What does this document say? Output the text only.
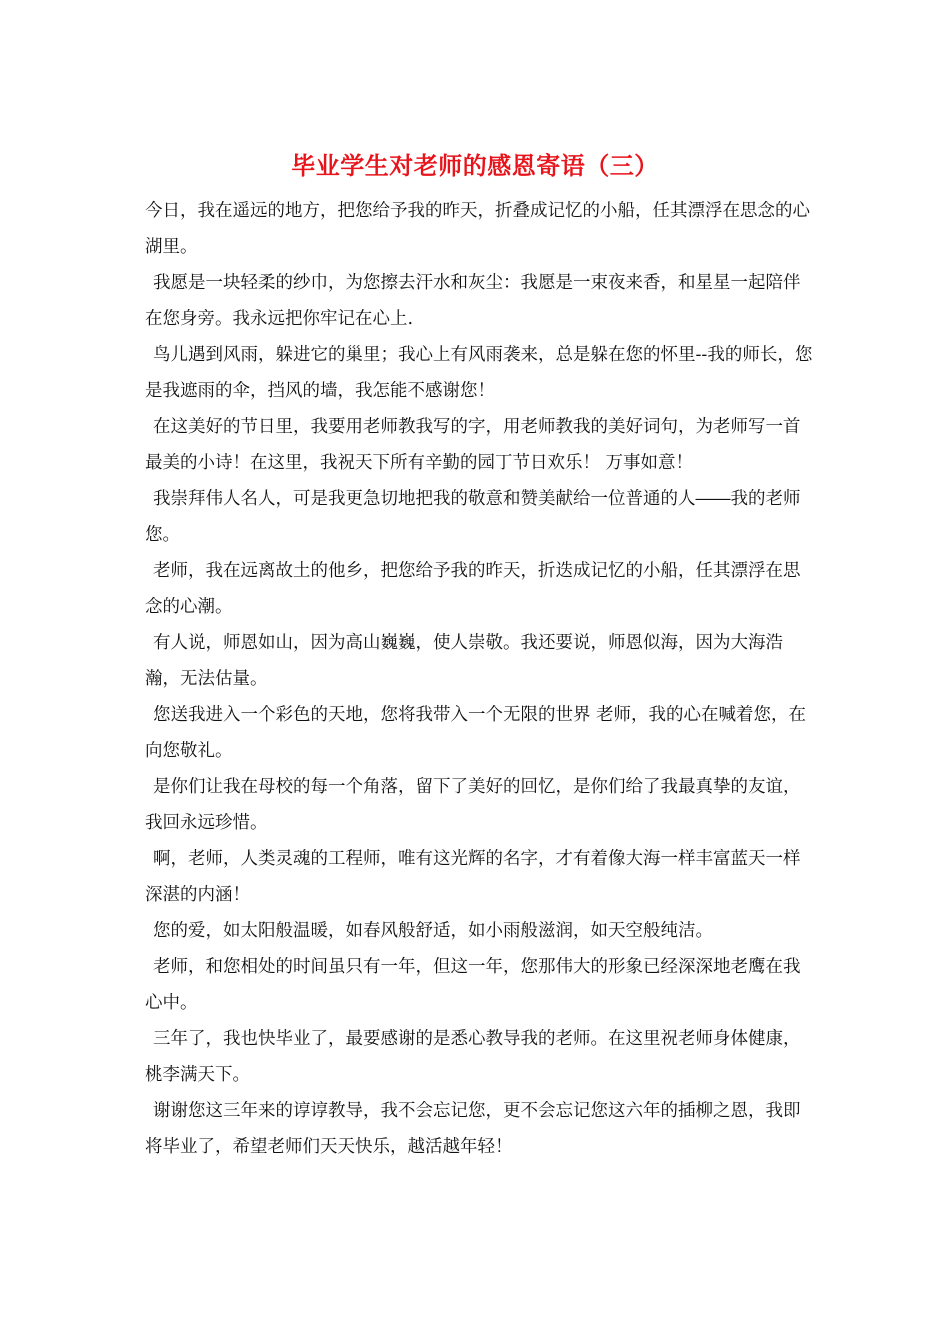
毕业学生对老师的感恩寄语（三）

今日，我在遥远的地方，把您给予我的昨天，折叠成记忆的小船，任其漂浮在思念的心湖里。

我愿是一块轻柔的纱巾，为您擦去汗水和灰尘：我愿是一束夜来香，和星星一起陪伴在您身旁。我永远把你牢记在心上.

鸟儿遇到风雨，躲进它的巢里；我心上有风雨袭来，总是躲在您的怀里--我的师长，您是我遮雨的伞，挡风的墙，我怎能不感谢您！

在这美好的节日里，我要用老师教我写的字，用老师教我的美好词句，为老师写一首最美的小诗！在这里，我祝天下所有辛勤的园丁节日欢乐！ 万事如意！

我崇拜伟人名人，可是我更急切地把我的敬意和赞美献给一位普通的人――我的老师您。

老师，我在远离故土的他乡，把您给予我的昨天，折迭成记忆的小船，任其漂浮在思念的心潮。

有人说，师恩如山，因为高山巍巍，使人崇敬。我还要说，师恩似海，因为大海浩瀚，无法估量。

您送我进入一个彩色的天地，您将我带入一个无限的世界 老师，我的心在喊着您，在向您敬礼。

是你们让我在母校的每一个角落，留下了美好的回忆，是你们给了我最真挚的友谊，我回永远珍惜。

啊，老师，人类灵魂的工程师，唯有这光辉的名字，才有着像大海一样丰富蓝天一样深湛的内涵！

您的爱，如太阳般温暖，如春风般舒适，如小雨般滋润，如天空般纯洁。

老师，和您相处的时间虽只有一年，但这一年，您那伟大的形象已经深深地老鹰在我心中。

三年了，我也快毕业了，最要感谢的是悉心教导我的老师。在这里祝老师身体健康，桃李满天下。

谢谢您这三年来的谆谆教导，我不会忘记您，更不会忘记您这六年的插柳之恩，我即将毕业了，希望老师们天天快乐，越活越年轻！
